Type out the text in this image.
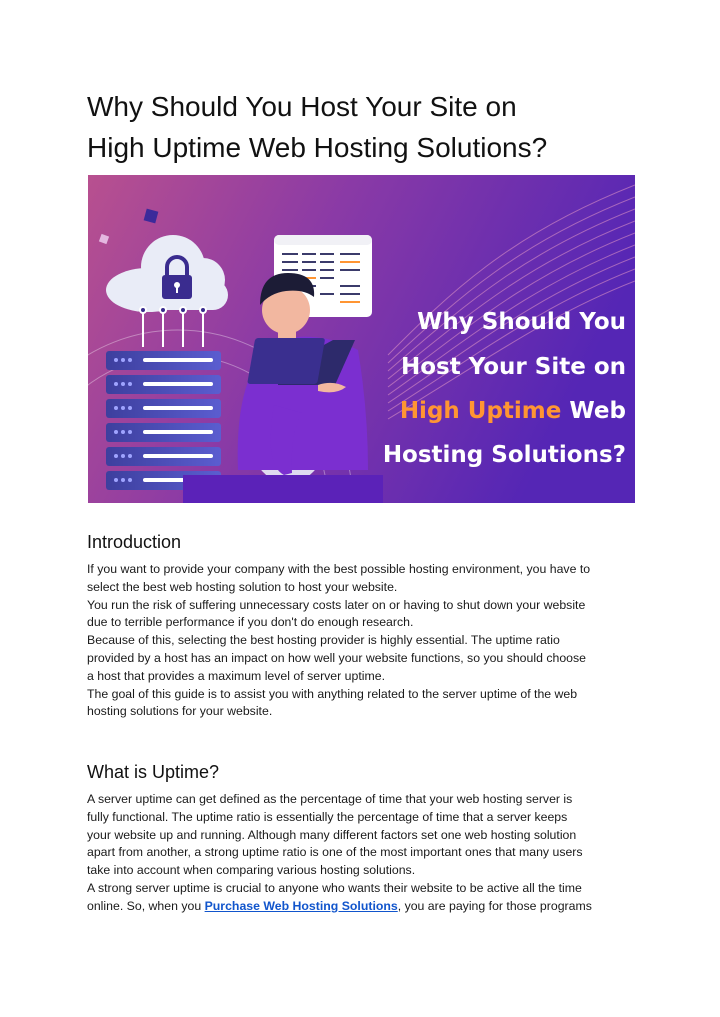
Why Should You Host Your Site on
High Uptime Web Hosting Solutions?
Why Should You
Host Your Site on
High Uptime Web
Hosting Solutions?
Introduction

If you want to provide your company with the best possible hosting environment, you have to
select the best web hosting solution to host your website.
You run the risk of suffering unnecessary costs later on or having to shut down your website
due to terrible performance if you don't do enough research.
Because of this, selecting the best hosting provider is highly essential. The uptime ratio
provided by a host has an impact on how well your website functions, so you should choose
a host that provides a maximum level of server uptime.
The goal of this guide is to assist you with anything related to the server uptime of the web
hosting solutions for your website.

What is Uptime?

A server uptime can get defined as the percentage of time that your web hosting server is
fully functional. The uptime ratio is essentially the percentage of time that a server keeps
your website up and running. Although many different factors set one web hosting solution
apart from another, a strong uptime ratio is one of the most important ones that many users
take into account when comparing various hosting solutions.
A strong server uptime is crucial to anyone who wants their website to be active all the time
online. So, when you Purchase Web Hosting Solutions, you are paying for those programs
